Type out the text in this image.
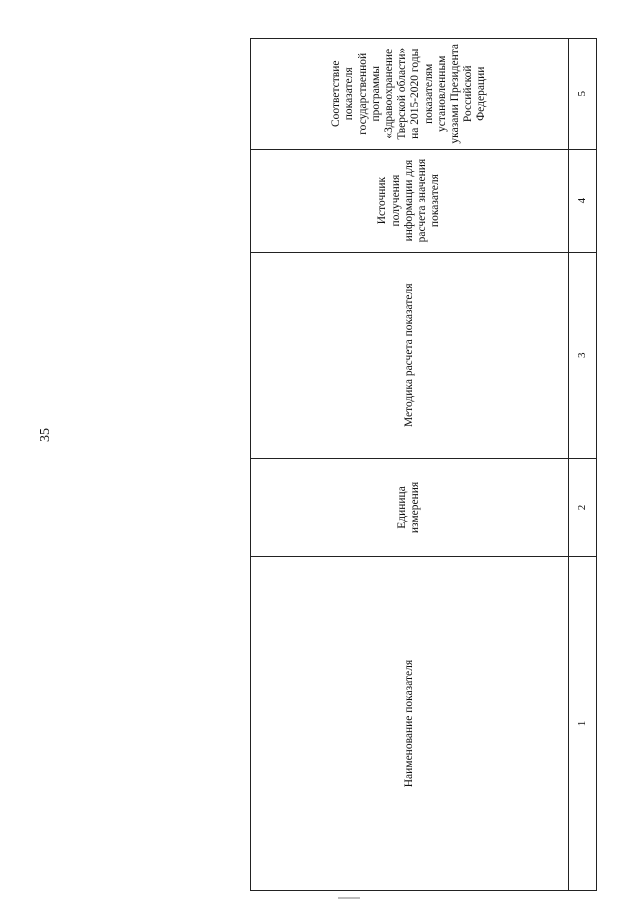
35
Наименование показателя	Единица измерения	Методика расчета показателя	Источник получения информации для расчета значения показателя	Соответствие показателя государственной программы «Здравоохранение Тверской области» на 2015-2020 годы показателям установленным указами Президента Российской Федерации
1	2	3	4	5
